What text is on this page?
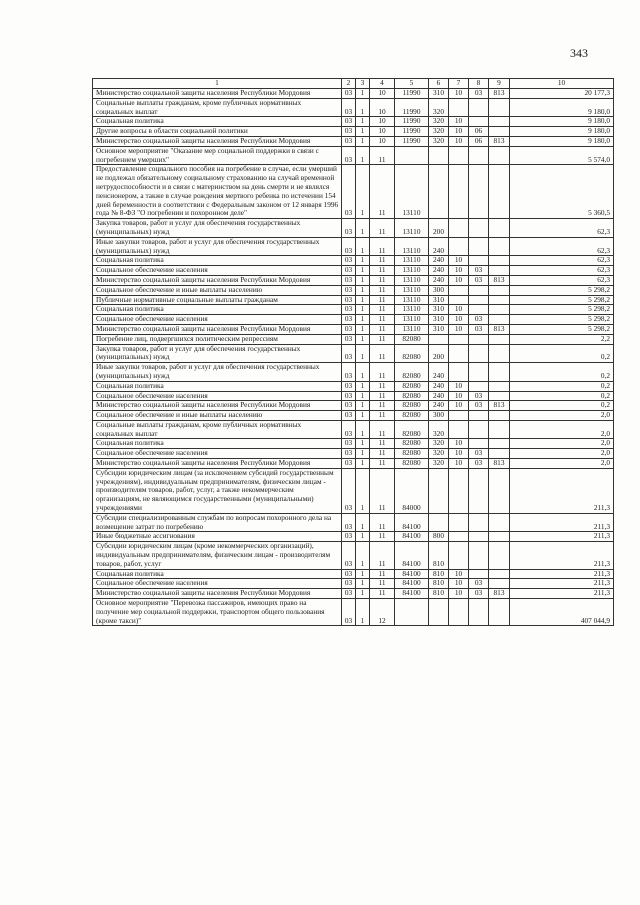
343
1	2	3	4	5	6	7	8	9	10
Министерство социальной защиты населения Республики Мордовия	03	1	10	11990	310	10	03	813	20 177,3
Социальные выплаты гражданам, кроме публичных нормативных социальных выплат	03	1	10	11990	320				9 180,0
Социальная политика	03	1	10	11990	320	10			9 180,0
Другие вопросы в области социальной политики	03	1	10	11990	320	10	06		9 180,0
Министерство социальной защиты населения Республики Мордовия	03	1	10	11990	320	10	06	813	9 180,0
Основное мероприятие "Оказание мер социальной поддержки в связи с погребением умерших"	03	1	11						5 574,0
Предоставление социального пособия на погребение в случае, если умерший не подлежал обязательному социальному страхованию на случай временной нетрудоспособности и в связи с материнством на день смерти и не являлся пенсионером, а также в случае рождения мертвого ребенка по истечении 154 дней беременности в соответствии с Федеральным законом от 12 января 1996 года № 8-ФЗ "О погребении и похоронном деле"	03	1	11	13110					5 360,5
Закупка товаров, работ и услуг для обеспечения государственных (муниципальных) нужд	03	1	11	13110	200				62,3
Иные закупки товаров, работ и услуг для обеспечения государственных (муниципальных) нужд	03	1	11	13110	240				62,3
Социальная политика	03	1	11	13110	240	10			62,3
Социальное обеспечение населения	03	1	11	13110	240	10	03		62,3
Министерство социальной защиты населения Республики Мордовия	03	1	11	13110	240	10	03	813	62,3
Социальное обеспечение и иные выплаты населению	03	1	11	13110	300				5 298,2
Публичные нормативные социальные выплаты гражданам	03	1	11	13110	310				5 298,2
Социальная политика	03	1	11	13110	310	10			5 298,2
Социальное обеспечение населения	03	1	11	13110	310	10	03		5 298,2
Министерство социальной защиты населения Республики Мордовия	03	1	11	13110	310	10	03	813	5 298,2
Погребение лиц, подвергшихся политическим репрессиям	03	1	11	82080					2,2
Закупка товаров, работ и услуг для обеспечения государственных (муниципальных) нужд	03	1	11	82080	200				0,2
Иные закупки товаров, работ и услуг для обеспечения государственных (муниципальных) нужд	03	1	11	82080	240				0,2
Социальная политика	03	1	11	82080	240	10			0,2
Социальное обеспечение населения	03	1	11	82080	240	10	03		0,2
Министерство социальной защиты населения Республики Мордовия	03	1	11	82080	240	10	03	813	0,2
Социальное обеспечение и иные выплаты населению	03	1	11	82080	300				2,0
Социальные выплаты гражданам, кроме публичных нормативных социальных выплат	03	1	11	82080	320				2,0
Социальная политика	03	1	11	82080	320	10			2,0
Социальное обеспечение населения	03	1	11	82080	320	10	03		2,0
Министерство социальной защиты населения Республики Мордовия	03	1	11	82080	320	10	03	813	2,0
Субсидии юридическим лицам (за исключением субсидий государственным учреждениям), индивидуальным предпринимателям, физическим лицам - производителям товаров, работ, услуг, а также некоммерческим организациям, не являющимся государственными (муниципальными) учреждениями	03	1	11	84000					211,3
Субсидии специализированным службам по вопросам похоронного дела на возмещение затрат по погребению	03	1	11	84100					211,3
Иные бюджетные ассигнования	03	1	11	84100	800				211,3
Субсидии юридическим лицам (кроме некоммерческих организаций), индивидуальным предпринимателям, физическим лицам - производителям товаров, работ, услуг	03	1	11	84100	810				211,3
Социальная политика	03	1	11	84100	810	10			211,3
Социальное обеспечение населения	03	1	11	84100	810	10	03		211,3
Министерство социальной защиты населения Республики Мордовия	03	1	11	84100	810	10	03	813	211,3
Основное мероприятие "Перевозка пассажиров, имеющих право на получение мер социальной поддержки, транспортом общего пользования (кроме такси)"	03	1	12						407 044,9
